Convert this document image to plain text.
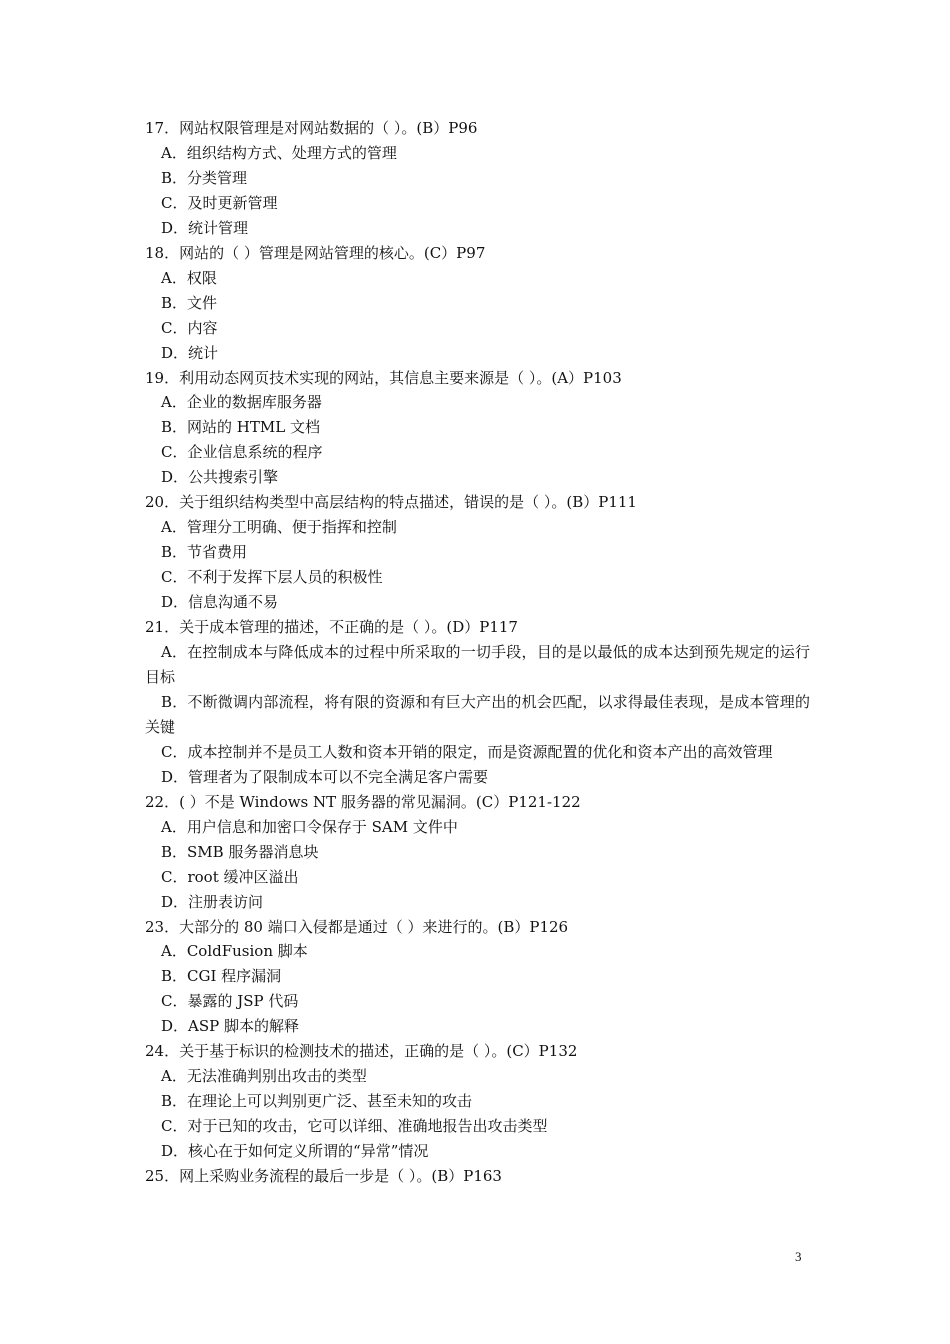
17．网站权限管理是对网站数据的（ ）。(B）P96
A．组织结构方式、处理方式的管理
B．分类管理
C．及时更新管理
D．统计管理
18．网站的（ ）管理是网站管理的核心。(C）P97
A．权限
B．文件
C．内容
D．统计
19．利用动态网页技术实现的网站，其信息主要来源是（ ）。(A）P103
A．企业的数据库服务器
B．网站的 HTML 文档
C．企业信息系统的程序
D．公共搜索引擎
20．关于组织结构类型中高层结构的特点描述，错误的是（ ）。(B）P111
A．管理分工明确、便于指挥和控制
B．节省费用
C．不利于发挥下层人员的积极性
D．信息沟通不易
21．关于成本管理的描述，不正确的是（ ）。(D）P117
A．在控制成本与降低成本的过程中所采取的一切手段，目的是以最低的成本达到预先规定的运行目标
B．不断微调内部流程，将有限的资源和有巨大产出的机会匹配，以求得最佳表现，是成本管理的关键
C．成本控制并不是员工人数和资本开销的限定，而是资源配置的优化和资本产出的高效管理
D．管理者为了限制成本可以不完全满足客户需要
22．( ）不是 Windows NT 服务器的常见漏洞。(C）P121-122
A．用户信息和加密口令保存于 SAM 文件中
B．SMB 服务器消息块
C．root 缓冲区溢出
D．注册表访问
23．大部分的 80 端口入侵都是通过（ ）来进行的。(B）P126
A．ColdFusion 脚本
B．CGI 程序漏洞
C．暴露的 JSP 代码
D．ASP 脚本的解释
24．关于基于标识的检测技术的描述，正确的是（ ）。(C）P132
A．无法准确判别出攻击的类型
B．在理论上可以判别更广泛、甚至未知的攻击
C．对于已知的攻击，它可以详细、准确地报告出攻击类型
D．核心在于如何定义所谓的“异常”情况
25．网上采购业务流程的最后一步是（ ）。(B）P163
3
